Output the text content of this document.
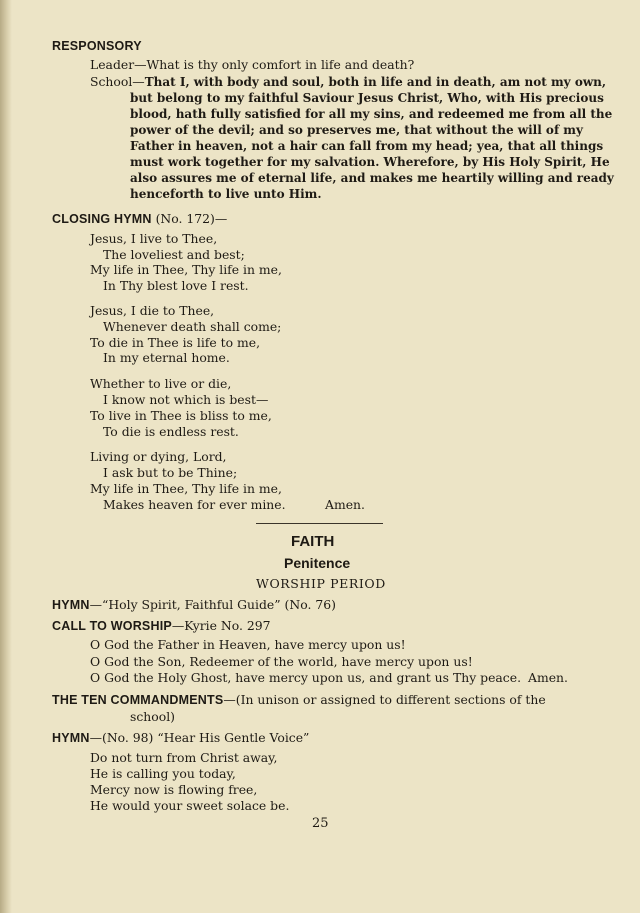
RESPONSORY
Leader—What is thy only comfort in life and death?
School—That I, with body and soul, both in life and in death, am not my own,
but belong to my faithful Saviour Jesus Christ, Who, with His precious
blood, hath fully satisfied for all my sins, and redeemed me from all the
power of the devil; and so preserves me, that without the will of my
Father in heaven, not a hair can fall from my head; yea, that all things
must work together for my salvation. Wherefore, by His Holy Spirit, He
also assures me of eternal life, and makes me heartily willing and ready
henceforth to live unto Him.
CLOSING HYMN (No. 172)—
Jesus, I live to Thee,
The loveliest and best;
My life in Thee, Thy life in me,
In Thy blest love I rest.
Jesus, I die to Thee,
Whenever death shall come;
To die in Thee is life to me,
In my eternal home.
Whether to live or die,
I know not which is best—
To live in Thee is bliss to me,
To die is endless rest.
Living or dying, Lord,
I ask but to be Thine;
My life in Thee, Thy life in me,
Makes heaven for ever mine.	Amen.
FAITH
Penitence
WORSHIP PERIOD
HYMN—“Holy Spirit, Faithful Guide” (No. 76)
CALL TO WORSHIP—Kyrie No. 297
O God the Father in Heaven, have mercy upon us!
O God the Son, Redeemer of the world, have mercy upon us!
O God the Holy Ghost, have mercy upon us, and grant us Thy peace. Amen.
THE TEN COMMANDMENTS—(In unison or assigned to different sections of the
school)
HYMN—(No. 98) “Hear His Gentle Voice”
Do not turn from Christ away,
He is calling you today,
Mercy now is flowing free,
He would your sweet solace be.
25
